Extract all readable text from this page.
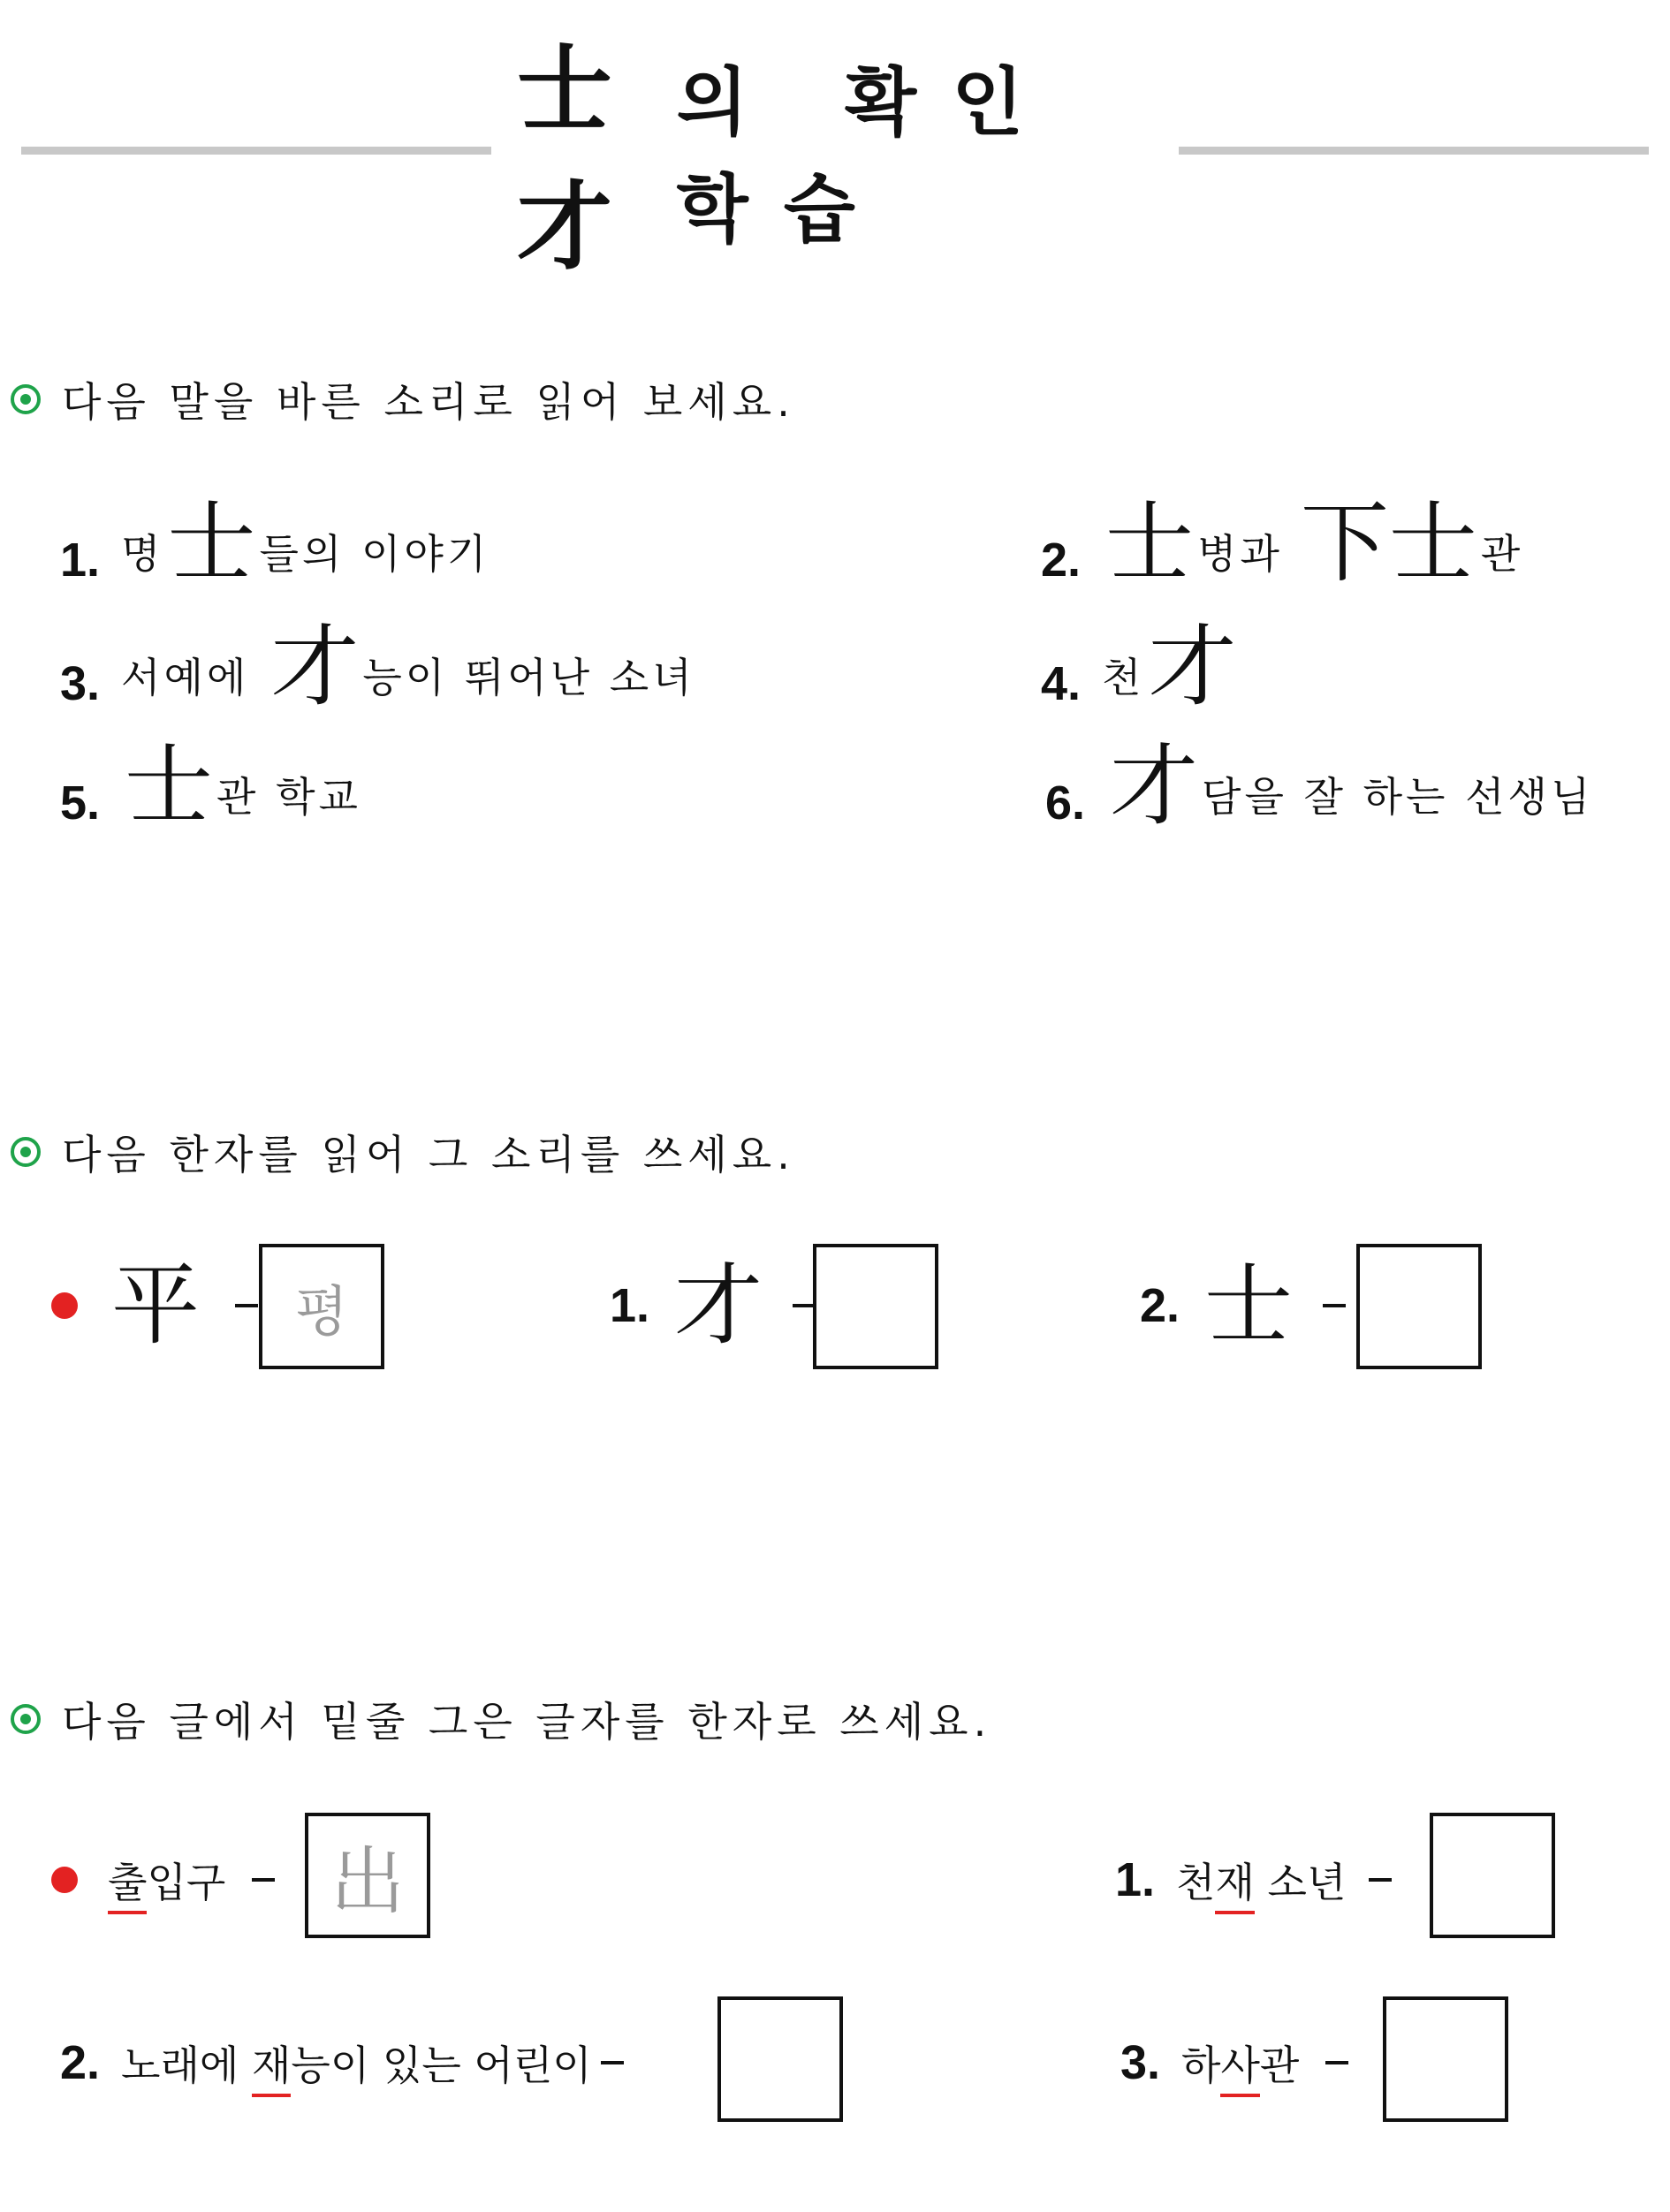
士才
의 확인 학습
다음 말을 바른 소리로 읽어 보세요.
1. 명 士 들의 이야기	2. 士 병과 下士 관
3. 서예에 才 능이 뛰어난 소녀	4. 천 才
5. 士 관 학교	6. 才 담을 잘 하는 선생님
다음 한자를 읽어 그 소리를 쓰세요.
平 평	1. 才	2. 士
다음 글에서 밑줄 그은 글자를 한자로 쓰세요.
출 입구 出	1. 천 재 소년
2. 노래에 재 능이 있는 어린이	3. 하 사 관
